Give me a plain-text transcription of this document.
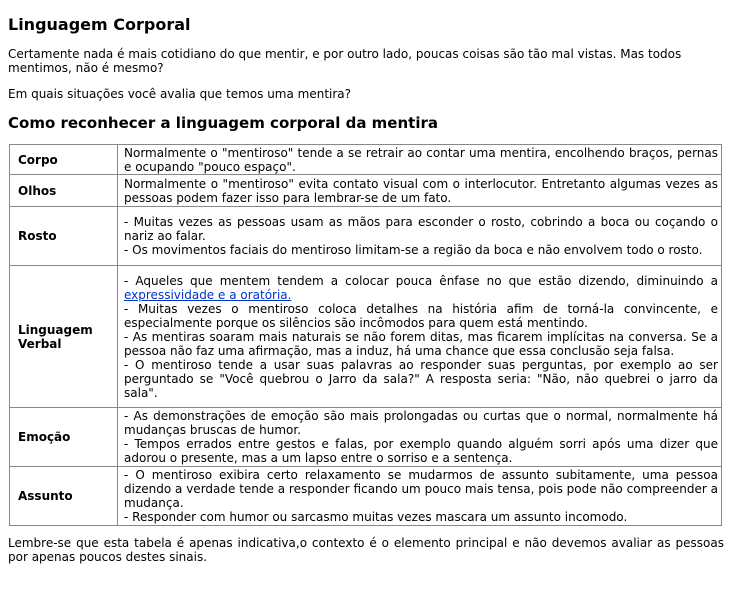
Linguagem Corporal

Certamente nada é mais cotidiano do que mentir, e por outro lado, poucas coisas são tão mal vistas. Mas todos mentimos, não é mesmo?

Em quais situações você avalia que temos uma mentira?

Como reconhecer a linguagem corporal da mentira
Corpo	Normalmente o "mentiroso" tende a se retrair ao contar uma mentira, encolhendo braços, pernas e ocupando "pouco espaço".

Olhos	Normalmente o "mentiroso" evita contato visual com o interlocutor. Entretanto algumas vezes as pessoas podem fazer isso para lembrar-se de um fato.

Rosto	- Muitas vezes as pessoas usam as mãos para esconder o rosto, cobrindo a boca ou coçando o nariz ao falar.
- Os movimentos faciais do mentiroso limitam-se a região da boca e não envolvem todo o rosto.

Linguagem Verbal	- Aqueles que mentem tendem a colocar pouca ênfase no que estão dizendo, diminuindo a expressividade e a oratória.
- Muitas vezes o mentiroso coloca detalhes na história afim de torná-la convincente, e especialmente porque os silêncios são incômodos para quem está mentindo.
- As mentiras soaram mais naturais se não forem ditas, mas ficarem implícitas na conversa. Se a pessoa não faz uma afirmação, mas a induz, há uma chance que essa conclusão seja falsa.
- O mentiroso tende a usar suas palavras ao responder suas perguntas, por exemplo ao ser perguntado se "Você quebrou o Jarro da sala?" A resposta seria: "Não, não quebrei o jarro da sala".

Emoção	- As demonstrações de emoção são mais prolongadas ou curtas que o normal, normalmente há mudanças bruscas de humor.
- Tempos errados entre gestos e falas, por exemplo quando alguém sorri após uma dizer que adorou o presente, mas a um lapso entre o sorriso e a sentença.

Assunto	- O mentiroso exibira certo relaxamento se mudarmos de assunto subitamente, uma pessoa dizendo a verdade tende a responder ficando um pouco mais tensa, pois pode não compreender a mudança.
- Responder com humor ou sarcasmo muitas vezes mascara um assunto incomodo.

Lembre-se que esta tabela é apenas indicativa,o contexto é o elemento principal e não devemos avaliar as pessoas por apenas poucos destes sinais.
